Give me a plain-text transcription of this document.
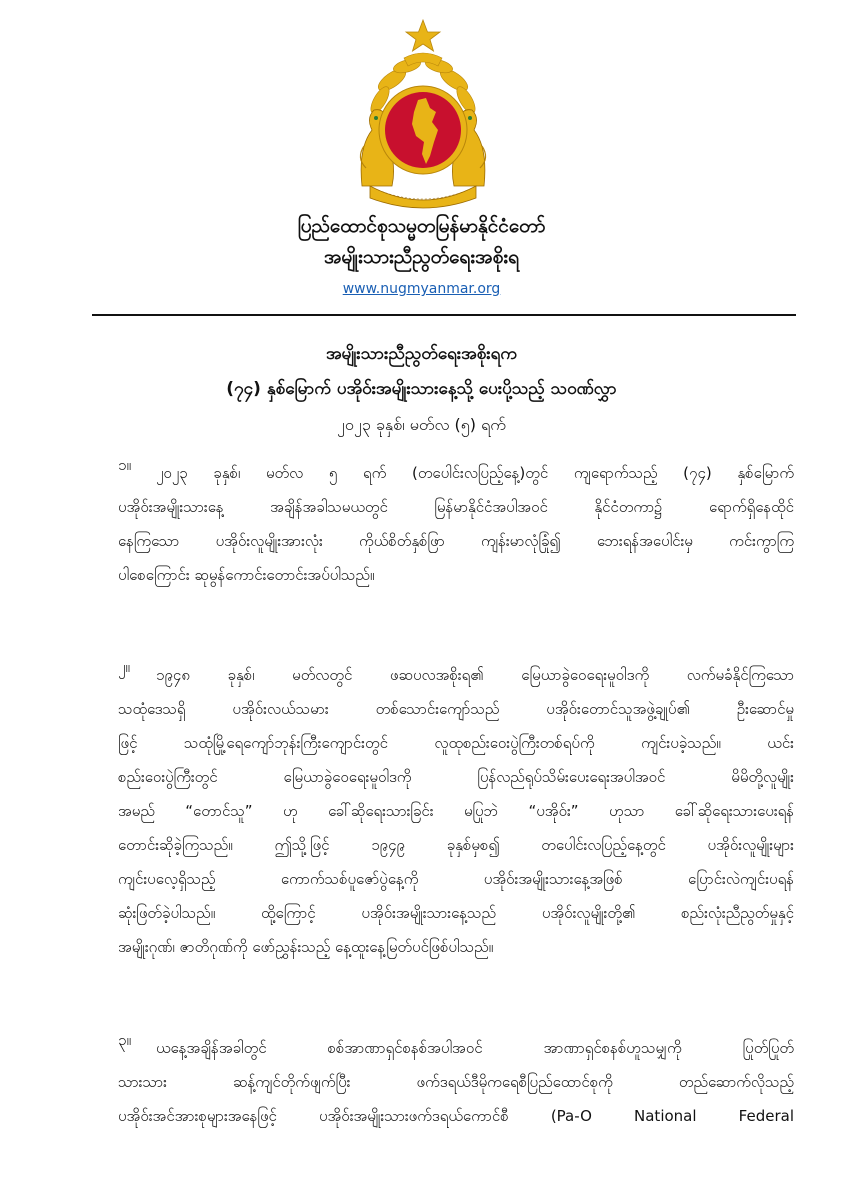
ပြည်ထောင်စုသမ္မတမြန်မာနိုင်ငံတော်
အမျိုးသားညီညွတ်ရေးအစိုးရ
www.nugmyanmar.org
အမျိုးသားညီညွတ်ရေးအစိုးရက
(၇၄) နှစ်မြောက် ပအိုဝ်းအမျိုးသားနေ့သို့ ပေးပို့သည့် သဝဏ်လွှာ
၂၀၂၃ ခုနှစ်၊ မတ်လ (၅) ရက်
၁။	၂၀၂၃ ခုနှစ်၊ မတ်လ ၅ ရက် (တပေါင်းလပြည့်နေ့)တွင် ကျရောက်သည့် (၇၄) နှစ်မြောက်
ပအိုဝ်းအမျိုးသားနေ့ အချိန်အခါသမယတွင် မြန်မာနိုင်ငံအပါအဝင် နိုင်ငံတကာ၌ ရောက်ရှိနေထိုင်
နေကြသော ပအိုဝ်းလူမျိုးအားလုံး ကိုယ်စိတ်နှစ်ဖြာ ကျန်းမာလုံခြုံ၍ ဘေးရန်အပေါင်းမှ ကင်းကွာကြ
ပါစေကြောင်း ဆုမွန်ကောင်းတောင်းအပ်ပါသည်။
၂။	၁၉၄၈ ခုနှစ်၊ မတ်လတွင် ဖဆပလအစိုးရ၏ မြေယာခွဲဝေရေးမူဝါဒကို လက်မခံနိုင်ကြသော
သထုံဒေသရှိ ပအိုဝ်းလယ်သမား တစ်သောင်းကျော်သည် ပအိုဝ်းတောင်သူအဖွဲ့ချုပ်၏ ဦးဆောင်မှု
ဖြင့် သထုံမြို့ရေကျော်ဘုန်းကြီးကျောင်းတွင် လူထုစည်းဝေးပွဲကြီးတစ်ရပ်ကို ကျင်းပခဲ့သည်။ ယင်း
စည်းဝေးပွဲကြီးတွင် မြေယာခွဲဝေရေးမူဝါဒကို ပြန်လည်ရုပ်သိမ်းပေးရေးအပါအဝင် မိမိတို့လူမျိုး
အမည် “တောင်သူ” ဟု ခေါ်ဆိုရေးသားခြင်း မပြုဘဲ “ပအိုဝ်း” ဟုသာ ခေါ်ဆိုရေးသားပေးရန်
တောင်းဆိုခဲ့ကြသည်။ ဤသို့ဖြင့် ၁၉၄၉ ခုနှစ်မှစ၍ တပေါင်းလပြည့်နေ့တွင် ပအိုဝ်းလူမျိုးများ
ကျင်းပလေ့ရှိသည့် ကောက်သစ်ပူဇော်ပွဲနေ့ကို ပအိုဝ်းအမျိုးသားနေ့အဖြစ် ပြောင်းလဲကျင်းပရန်
ဆုံးဖြတ်ခဲ့ပါသည်။ ထို့ကြောင့် ပအိုဝ်းအမျိုးသားနေ့သည် ပအိုဝ်းလူမျိုးတို့၏ စည်းလုံးညီညွတ်မှုနှင့်
အမျိုးဂုဏ်၊ ဇာတိဂုဏ်ကို ဖော်ညွှန်းသည့် နေ့ထူးနေ့မြတ်ပင်ဖြစ်ပါသည်။
၃။	ယနေ့အချိန်အခါတွင် စစ်အာဏာရှင်စနစ်အပါအဝင် အာဏာရှင်စနစ်ဟူသမျှကို ပြုတ်ပြုတ်
သားသား ဆန့်ကျင်တိုက်ဖျက်ပြီး ဖက်ဒရယ်ဒီမိုကရေစီပြည်ထောင်စုကို တည်ဆောက်လိုသည့်
ပအိုဝ်းအင်အားစုများအနေဖြင့် ပအိုဝ်းအမျိုးသားဖက်ဒရယ်ကောင်စီ (Pa-O National Federal
